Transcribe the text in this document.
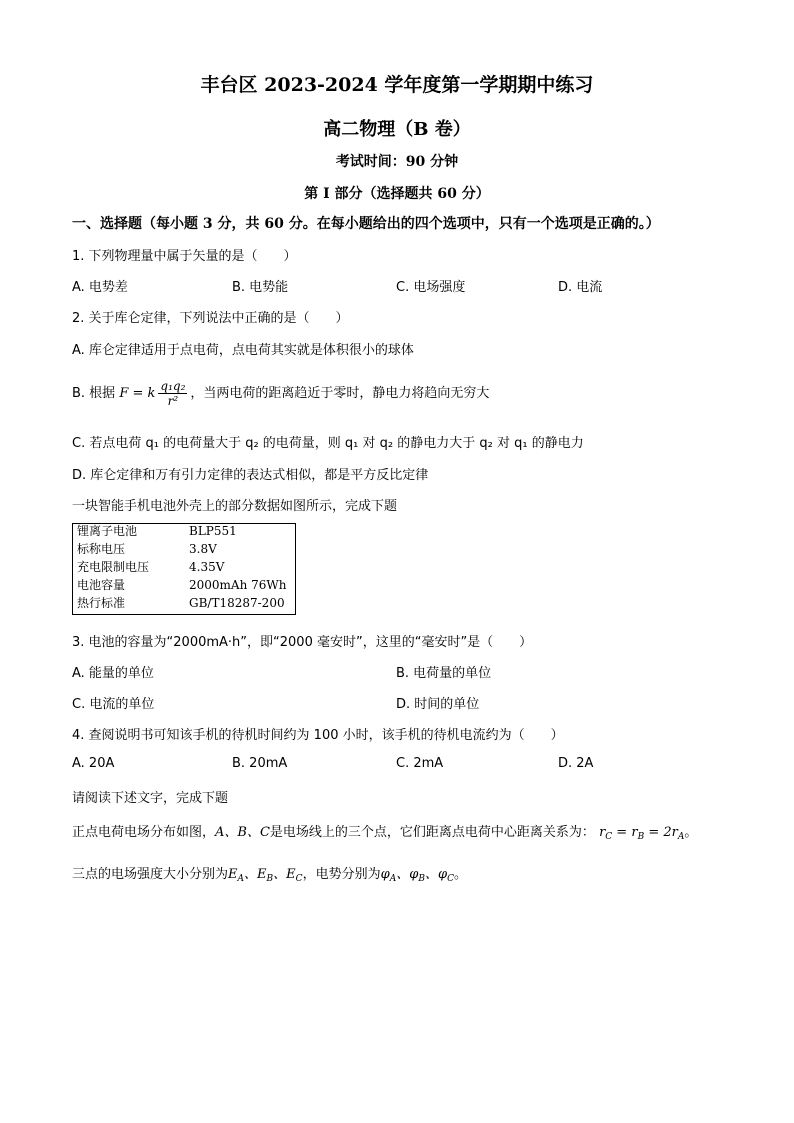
丰台区 2023-2024 学年度第一学期期中练习
高二物理（B 卷）
考试时间：90 分钟
第 I 部分（选择题共 60 分）
一、选择题（每小题 3 分，共 60 分。在每小题给出的四个选项中，只有一个选项是正确的。）
1. 下列物理量中属于矢量的是（　　）
A. 电势差	B. 电势能	C. 电场强度	D. 电流
2. 关于库仑定律，下列说法中正确的是（　　）
A. 库仑定律适用于点电荷，点电荷其实就是体积很小的球体
B. 根据 F = k $\frac{\text{q₁q₂}}{\text{r²}}$ ，当两电荷的距离趋近于零时，静电力将趋向无穷大
C. 若点电荷 q₁ 的电荷量大于 q₂ 的电荷量，则 q₁ 对 q₂ 的静电力大于 q₂ 对 q₁ 的静电力
D. 库仑定律和万有引力定律的表达式相似，都是平方反比定律
一块智能手机电池外壳上的部分数据如图所示，完成下题
锂离子电池	BLP551
标称电压	3.8V
充电限制电压	4.35V
电池容量	2000mAh 76Wh
热行标准	GB/T18287-200
3. 电池的容量为“2000mA·h”，即“2000 毫安时”，这里的“毫安时”是（　　）
A. 能量的单位	B. 电荷量的单位
C. 电流的单位	D. 时间的单位
4. 查阅说明书可知该手机的待机时间约为 100 小时，该手机的待机电流约为（　　）
A. 20A	B. 20mA	C. 2mA	D. 2A
请阅读下述文字，完成下题
正点电荷电场分布如图，A、B、C是电场线上的三个点，它们距离点电荷中心距离关系为： $r_C = r_B = 2r_A$。
三点的电场强度大小分别为$E_A$、$E_B$、$E_C$，电势分别为$\varphi_A$、$\varphi_B$、$\varphi_C$。
